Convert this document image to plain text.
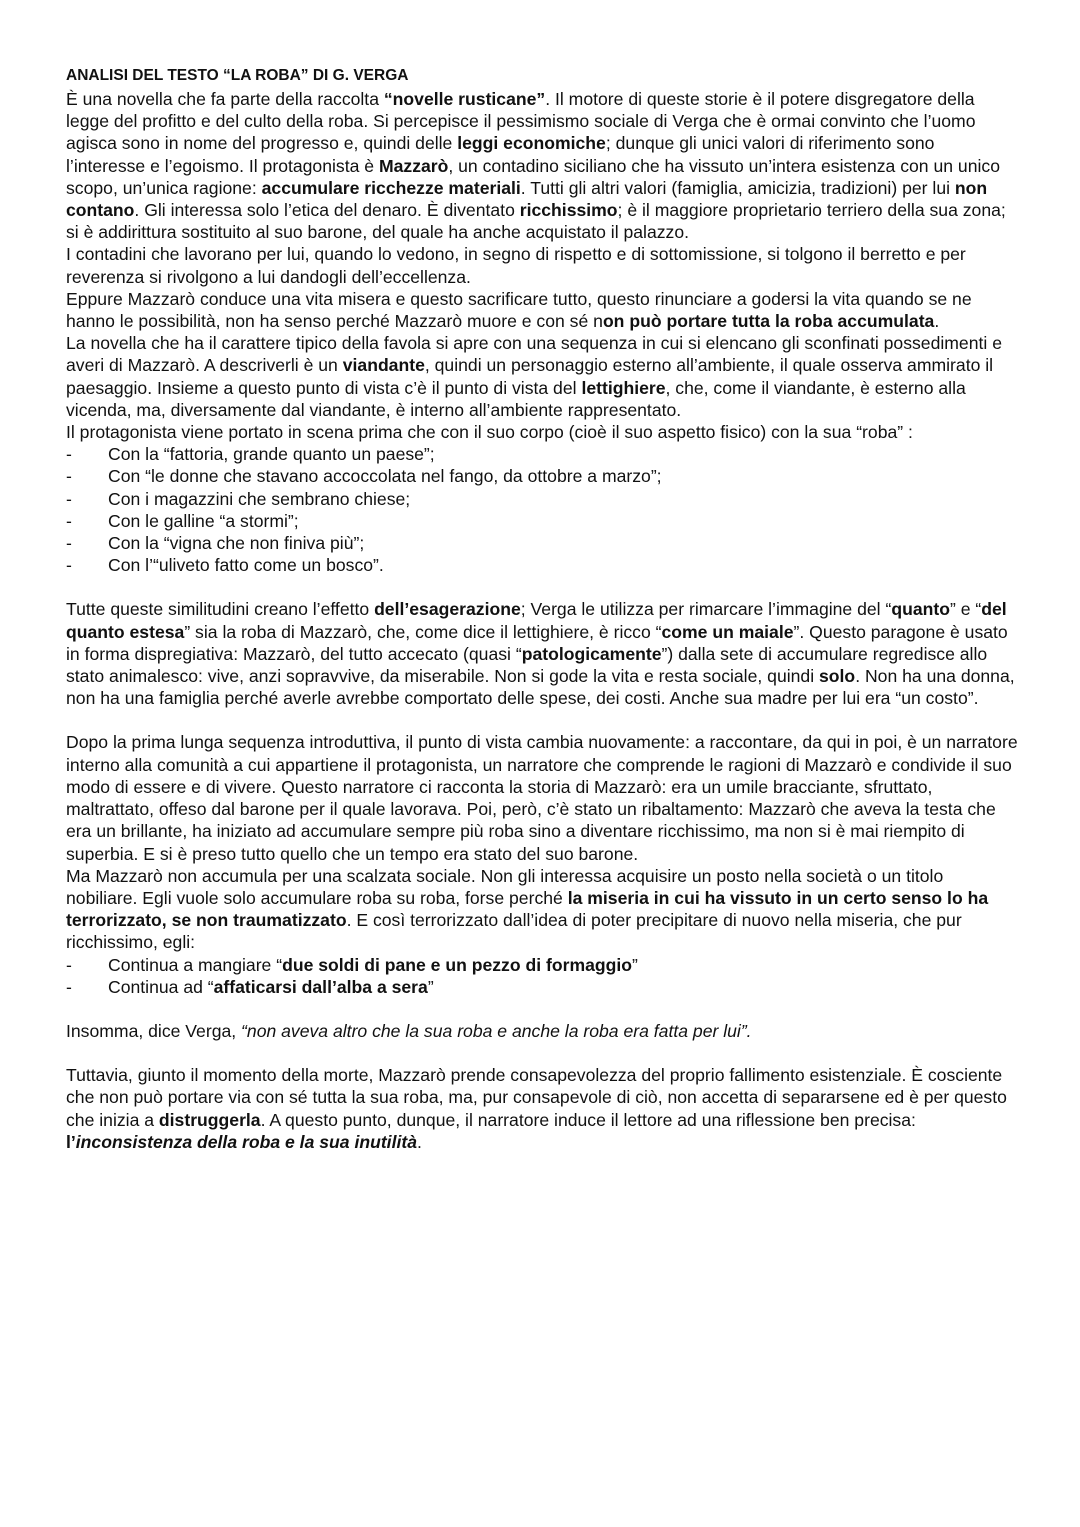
ANALISI DEL TESTO “LA ROBA” DI G. VERGA

È una novella che fa parte della raccolta “novelle rusticane”. Il motore di queste storie è il potere disgregatore della legge del profitto e del culto della roba. Si percepisce il pessimismo sociale di Verga che è ormai convinto che l’uomo agisca sono in nome del progresso e, quindi delle leggi economiche; dunque gli unici valori di riferimento sono l’interesse e l’egoismo. Il protagonista è Mazzarò, un contadino siciliano che ha vissuto un’intera esistenza con un unico scopo, un’unica ragione: accumulare ricchezze materiali. Tutti gli altri valori (famiglia, amicizia, tradizioni) per lui non contano. Gli interessa solo l’etica del denaro. È diventato ricchissimo; è il maggiore proprietario terriero della sua zona; si è addirittura sostituito al suo barone, del quale ha anche acquistato il palazzo.

I contadini che lavorano per lui, quando lo vedono, in segno di rispetto e di sottomissione, si tolgono il berretto e per reverenza si rivolgono a lui dandogli dell’eccellenza.

Eppure Mazzarò conduce una vita misera e questo sacrificare tutto, questo rinunciare a godersi la vita quando se ne hanno le possibilità, non ha senso perché Mazzarò muore e con sé non può portare tutta la roba accumulata.

La novella che ha il carattere tipico della favola si apre con una sequenza in cui si elencano gli sconfinati possedimenti e averi di Mazzarò. A descriverli è un viandante, quindi un personaggio esterno all’ambiente, il quale osserva ammirato il paesaggio. Insieme a questo punto di vista c’è il punto di vista del lettighiere, che, come il viandante, è esterno alla vicenda, ma, diversamente dal viandante, è interno all’ambiente rappresentato.

Il protagonista viene portato in scena prima che con il suo corpo (cioè il suo aspetto fisico) con la sua “roba” :

- Con la “fattoria, grande quanto un paese”;
- Con “le donne che stavano accoccolata nel fango, da ottobre a marzo”;
- Con i magazzini che sembrano chiese;
- Con le galline “a stormi”;
- Con la “vigna che non finiva più”;
- Con l’“uliveto fatto come un bosco”.

Tutte queste similitudini creano l’effetto dell’esagerazione; Verga le utilizza per rimarcare l’immagine del “quanto” e “del quanto estesa” sia la roba di Mazzarò, che, come dice il lettighiere, è ricco “come un maiale”. Questo paragone è usato in forma dispregiativa: Mazzarò, del tutto accecato (quasi “patologicamente”) dalla sete di accumulare regredisce allo stato animalesco: vive, anzi sopravvive, da miserabile. Non si gode la vita e resta sociale, quindi solo. Non ha una donna, non ha una famiglia perché averle avrebbe comportato delle spese, dei costi. Anche sua madre per lui era “un costo”.

Dopo la prima lunga sequenza introduttiva, il punto di vista cambia nuovamente: a raccontare, da qui in poi, è un narratore interno alla comunità a cui appartiene il protagonista, un narratore che comprende le ragioni di Mazzarò e condivide il suo modo di essere e di vivere. Questo narratore ci racconta la storia di Mazzarò: era un umile bracciante, sfruttato, maltrattato, offeso dal barone per il quale lavorava. Poi, però, c’è stato un ribaltamento: Mazzarò che aveva la testa che era un brillante, ha iniziato ad accumulare sempre più roba sino a diventare ricchissimo, ma non si è mai riempito di superbia. E si è preso tutto quello che un tempo era stato del suo barone.

Ma Mazzarò non accumula per una scalzata sociale. Non gli interessa acquisire un posto nella società o un titolo nobiliare. Egli vuole solo accumulare roba su roba, forse perché la miseria in cui ha vissuto in un certo senso lo ha terrorizzato, se non traumatizzato. E così terrorizzato dall’idea di poter precipitare di nuovo nella miseria, che pur ricchissimo, egli:

- Continua a mangiare “due soldi di pane e un pezzo di formaggio”
- Continua ad “affaticarsi dall’alba a sera”

Insomma, dice Verga, “non aveva altro che la sua roba e anche la roba era fatta per lui”.

Tuttavia, giunto il momento della morte, Mazzarò prende consapevolezza del proprio fallimento esistenziale. È cosciente che non può portare via con sé tutta la sua roba, ma, pur consapevole di ciò, non accetta di separarsene ed è per questo che inizia a distruggerla. A questo punto, dunque, il narratore induce il lettore ad una riflessione ben precisa: l’inconsistenza della roba e la sua inutilità.
